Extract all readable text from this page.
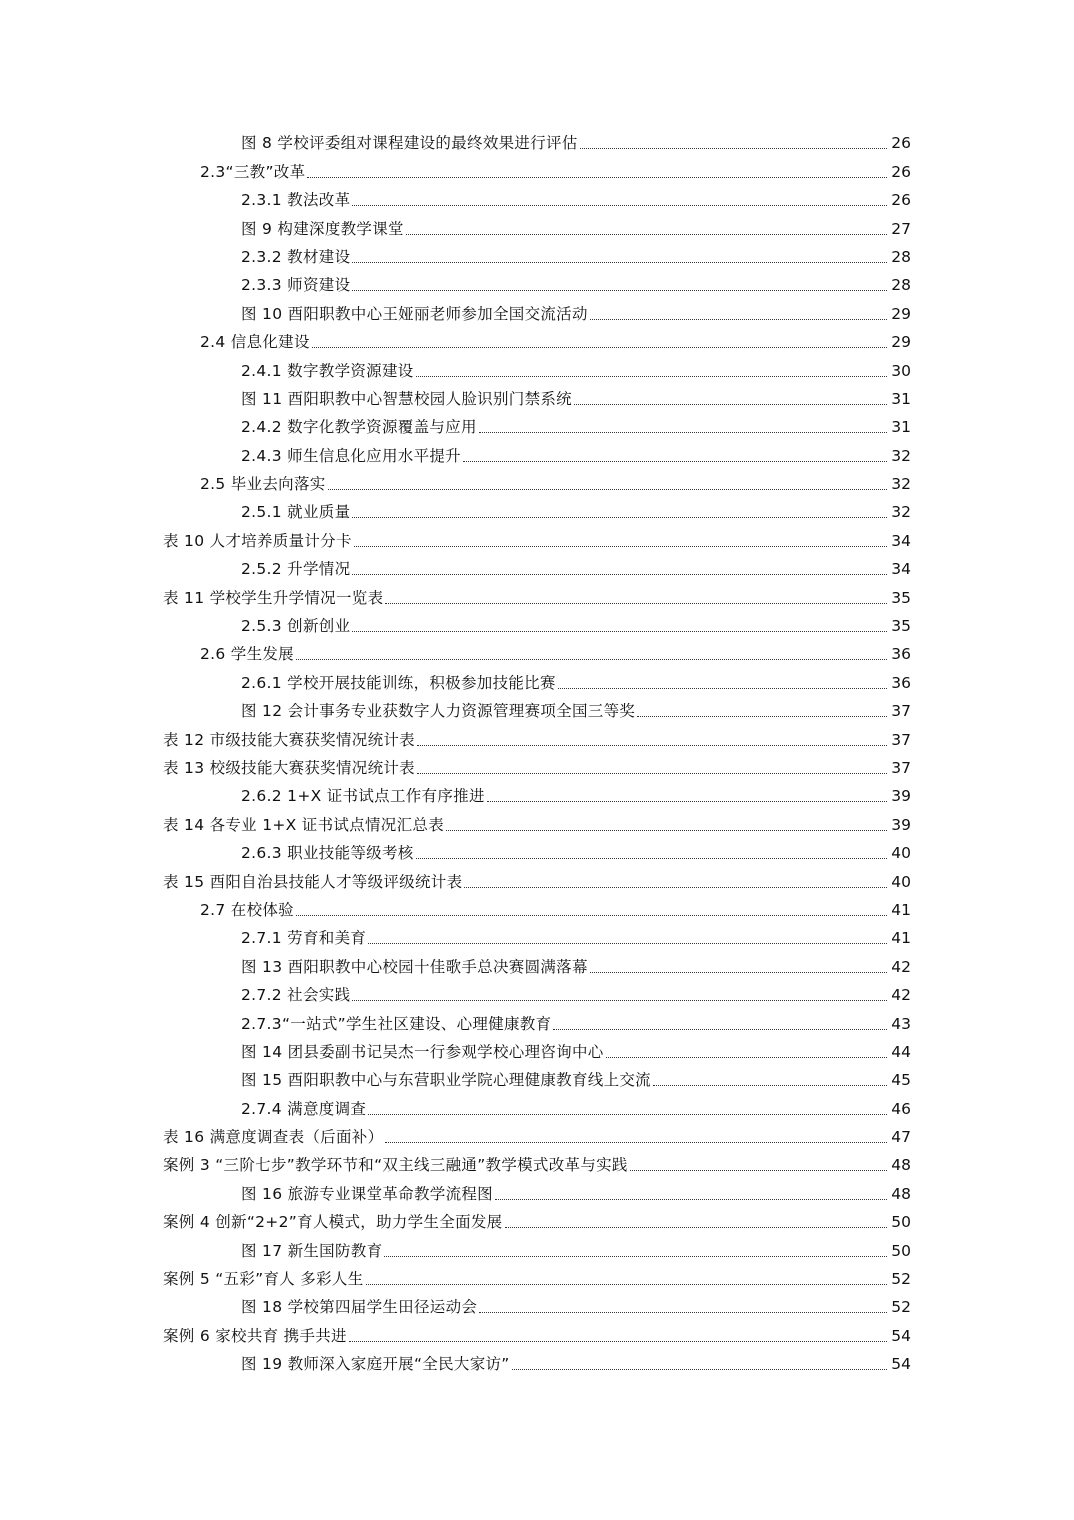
图 8 学校评委组对课程建设的最终效果进行评估	26
2.3“三教”改革	26
2.3.1 教法改革	26
图 9 构建深度教学课堂	27
2.3.2 教材建设	28
2.3.3 师资建设	28
图 10 酉阳职教中心王娅丽老师参加全国交流活动	29
2.4 信息化建设	29
2.4.1 数字教学资源建设	30
图 11 酉阳职教中心智慧校园人脸识别门禁系统	31
2.4.2 数字化教学资源覆盖与应用	31
2.4.3 师生信息化应用水平提升	32
2.5 毕业去向落实	32
2.5.1 就业质量	32
表 10 人才培养质量计分卡	34
2.5.2 升学情况	34
表 11 学校学生升学情况一览表	35
2.5.3 创新创业	35
2.6 学生发展	36
2.6.1 学校开展技能训练，积极参加技能比赛	36
图 12 会计事务专业获数字人力资源管理赛项全国三等奖	37
表 12 市级技能大赛获奖情况统计表	37
表 13 校级技能大赛获奖情况统计表	37
2.6.2 1+X 证书试点工作有序推进	39
表 14 各专业 1+X 证书试点情况汇总表	39
2.6.3 职业技能等级考核	40
表 15 酉阳自治县技能人才等级评级统计表	40
2.7 在校体验	41
2.7.1 劳育和美育	41
图 13 酉阳职教中心校园十佳歌手总决赛圆满落幕	42
2.7.2 社会实践	42
2.7.3“一站式”学生社区建设、心理健康教育	43
图 14 团县委副书记吴杰一行参观学校心理咨询中心	44
图 15 酉阳职教中心与东营职业学院心理健康教育线上交流	45
2.7.4 满意度调查	46
表 16 满意度调查表（后面补）	47
案例 3 “三阶七步”教学环节和“双主线三融通”教学模式改革与实践	48
图 16 旅游专业课堂革命教学流程图	48
案例 4 创新“2+2”育人模式，助力学生全面发展	50
图 17 新生国防教育	50
案例 5 “五彩”育人 多彩人生	52
图 18 学校第四届学生田径运动会	52
案例 6 家校共育 携手共进	54
图 19 教师深入家庭开展“全民大家访”	54
